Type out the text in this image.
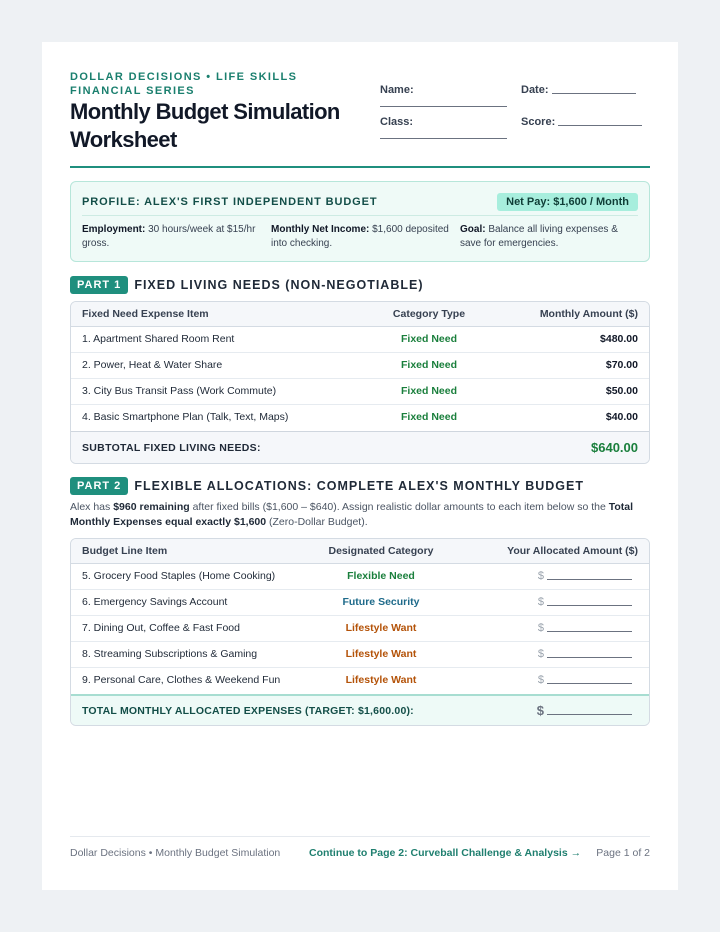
DOLLAR DECISIONS • LIFE SKILLS FINANCIAL SERIES
Monthly Budget Simulation Worksheet
Name:	Date:
Class:	Score:
PROFILE: ALEX'S FIRST INDEPENDENT BUDGET	Net Pay: $1,600 / Month
Employment: 30 hours/week at $15/hr gross.
Monthly Net Income: $1,600 deposited into checking.
Goal: Balance all living expenses & save for emergencies.
PART 1 FIXED LIVING NEEDS (NON-NEGOTIABLE)
Fixed Need Expense Item	Category Type	Monthly Amount ($)
1. Apartment Shared Room Rent	Fixed Need	$480.00
2. Power, Heat & Water Share	Fixed Need	$70.00
3. City Bus Transit Pass (Work Commute)	Fixed Need	$50.00
4. Basic Smartphone Plan (Talk, Text, Maps)	Fixed Need	$40.00
SUBTOTAL FIXED LIVING NEEDS:	$640.00
PART 2 FLEXIBLE ALLOCATIONS: COMPLETE ALEX'S MONTHLY BUDGET
Alex has $960 remaining after fixed bills ($1,600 – $640). Assign realistic dollar amounts to each item below so the Total Monthly Expenses equal exactly $1,600 (Zero-Dollar Budget).
Budget Line Item	Designated Category	Your Allocated Amount ($)
5. Grocery Food Staples (Home Cooking)	Flexible Need	$
6. Emergency Savings Account	Future Security	$
7. Dining Out, Coffee & Fast Food	Lifestyle Want	$
8. Streaming Subscriptions & Gaming	Lifestyle Want	$
9. Personal Care, Clothes & Weekend Fun	Lifestyle Want	$
TOTAL MONTHLY ALLOCATED EXPENSES (TARGET: $1,600.00):	$
Dollar Decisions • Monthly Budget Simulation	Continue to Page 2: Curveball Challenge & Analysis → Page 1 of 2
